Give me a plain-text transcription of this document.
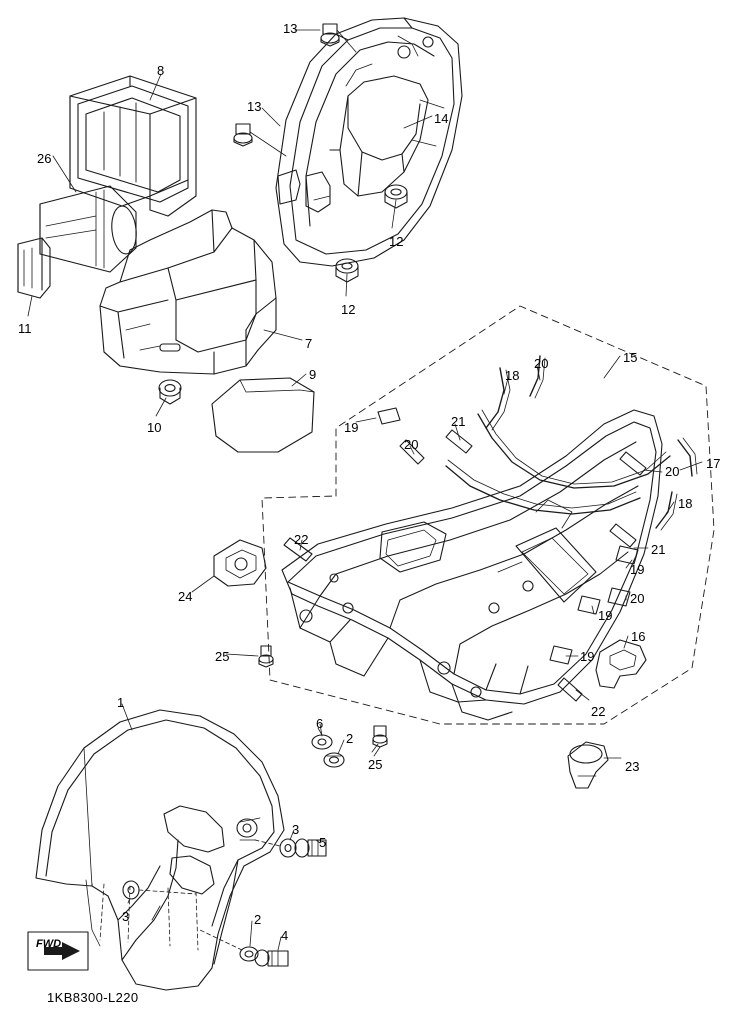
1KB8300-L220
FWD
13
13
14
8
26
12
12
11
7
9
10
15
20
18
19	21
20
17
20
18
21
22
19
20
19
24
16
19
22
25
25	23
1
6
2
3
5
3	2
4
